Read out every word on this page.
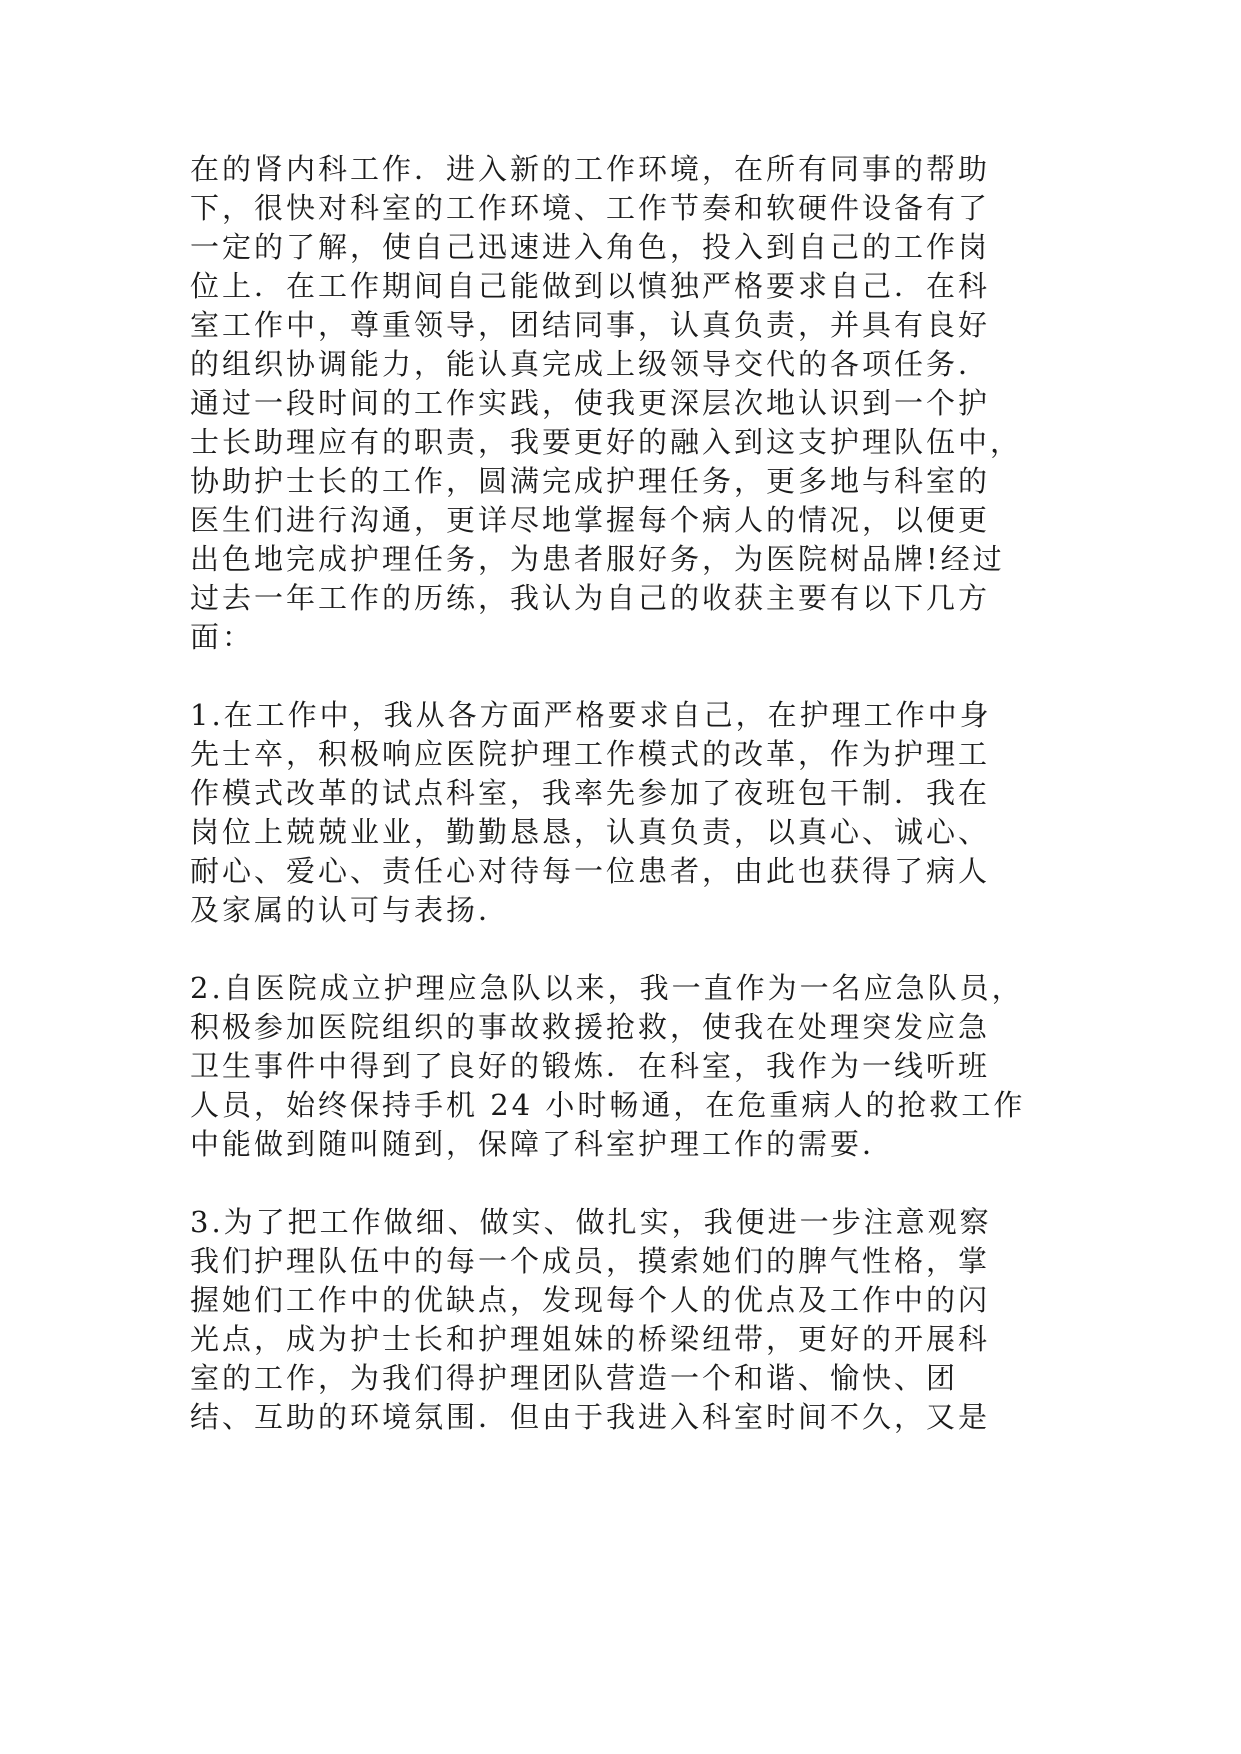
在的肾内科工作．进入新的工作环境，在所有同事的帮助
下，很快对科室的工作环境、工作节奏和软硬件设备有了
一定的了解，使自己迅速进入角色，投入到自己的工作岗
位上．在工作期间自己能做到以慎独严格要求自己．在科
室工作中，尊重领导，团结同事，认真负责，并具有良好
的组织协调能力，能认真完成上级领导交代的各项任务．
通过一段时间的工作实践，使我更深层次地认识到一个护
士长助理应有的职责，我要更好的融入到这支护理队伍中，
协助护士长的工作，圆满完成护理任务，更多地与科室的
医生们进行沟通，更详尽地掌握每个病人的情况，以便更
出色地完成护理任务，为患者服好务，为医院树品牌!经过
过去一年工作的历练，我认为自己的收获主要有以下几方
面：
1.在工作中，我从各方面严格要求自己，在护理工作中身
先士卒，积极响应医院护理工作模式的改革，作为护理工
作模式改革的试点科室，我率先参加了夜班包干制．我在
岗位上兢兢业业，勤勤恳恳，认真负责，以真心、诚心、
耐心、爱心、责任心对待每一位患者，由此也获得了病人
及家属的认可与表扬．
2.自医院成立护理应急队以来，我一直作为一名应急队员，
积极参加医院组织的事故救援抢救，使我在处理突发应急
卫生事件中得到了良好的锻炼．在科室，我作为一线听班
人员，始终保持手机 24 小时畅通，在危重病人的抢救工作
中能做到随叫随到，保障了科室护理工作的需要．
3.为了把工作做细、做实、做扎实，我便进一步注意观察
我们护理队伍中的每一个成员，摸索她们的脾气性格，掌
握她们工作中的优缺点，发现每个人的优点及工作中的闪
光点，成为护士长和护理姐妹的桥梁纽带，更好的开展科
室的工作，为我们得护理团队营造一个和谐、愉快、团
结、互助的环境氛围．但由于我进入科室时间不久，又是
